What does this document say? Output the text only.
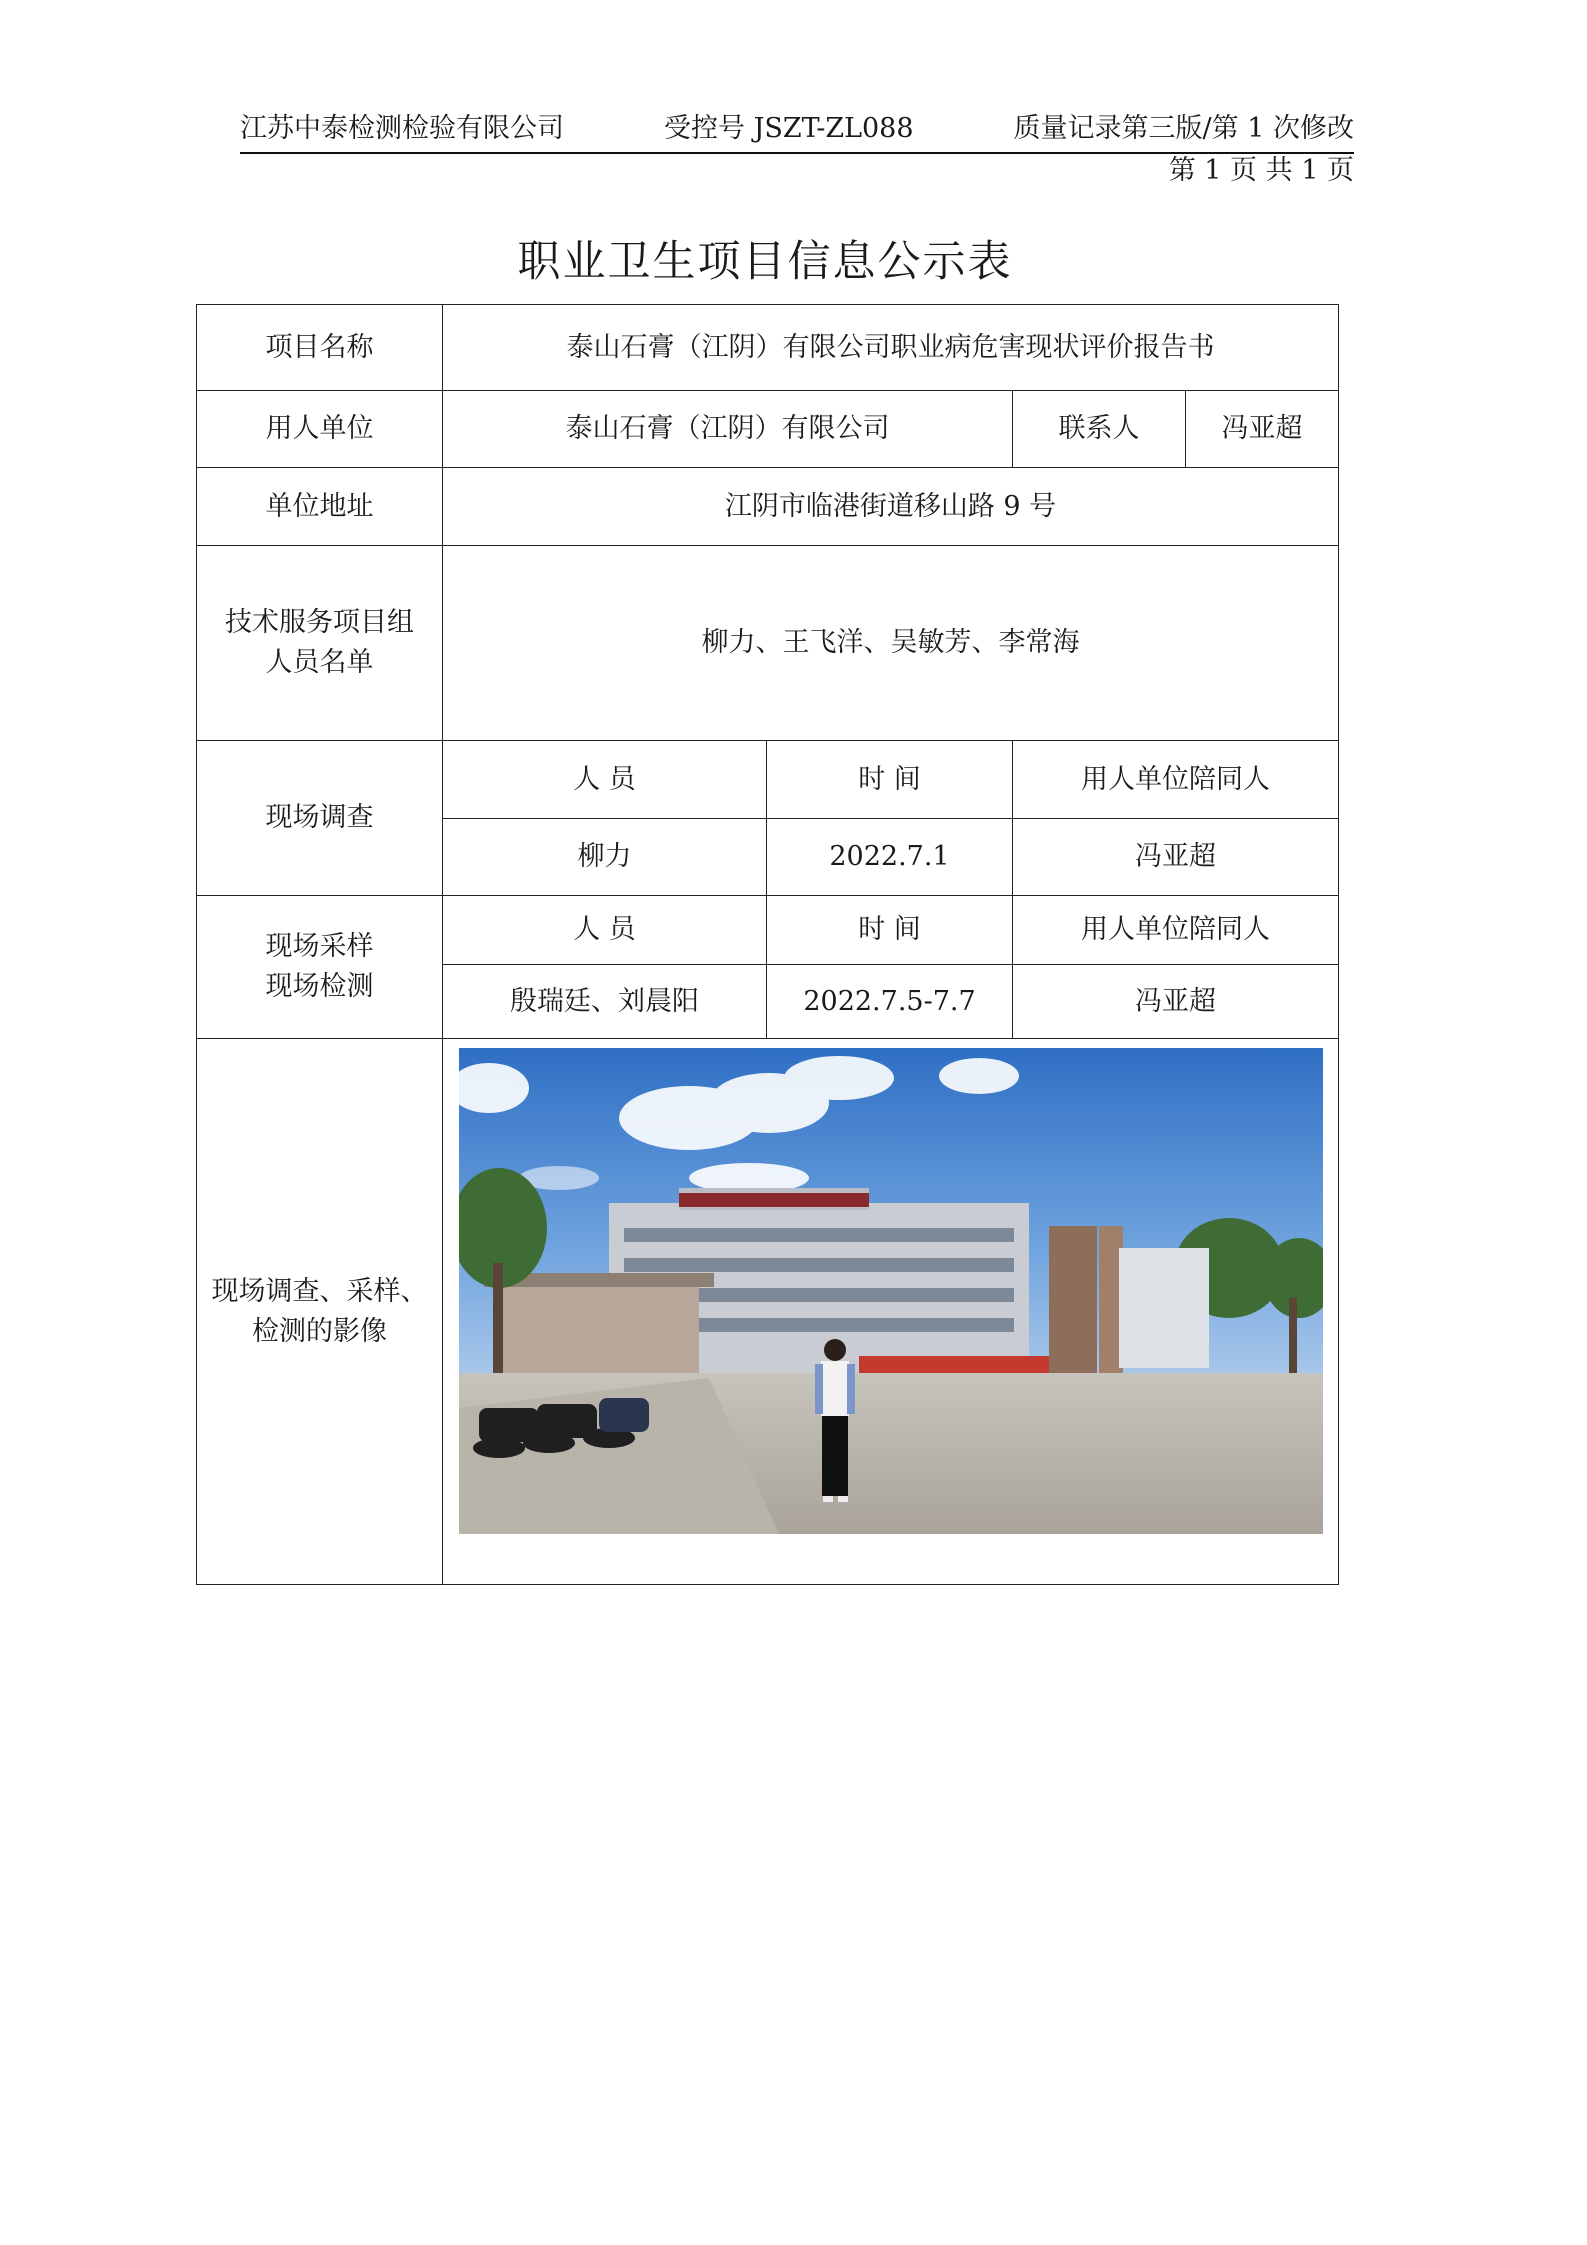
江苏中泰检测检验有限公司	受控号 JSZT-ZL088	质量记录第三版/第 1 次修改
第 1 页 共 1 页
职业卫生项目信息公示表
项目名称	泰山石膏（江阴）有限公司职业病危害现状评价报告书			
用人单位	泰山石膏（江阴）有限公司		联系人	冯亚超
单位地址	江阴市临港街道移山路 9 号			

技术服务项目组
人员名单	柳力、王飞洋、吴敏芳、李常海			
现场调查	人 员	时 间	用人单位陪同人	
	柳力	2022.7.1	冯亚超	

现场采样
现场检测	人 员	时 间	用人单位陪同人	
	殷瑞廷、刘晨阳	2022.7.5-7.7	冯亚超	

现场调查、采样、
检测的影像
